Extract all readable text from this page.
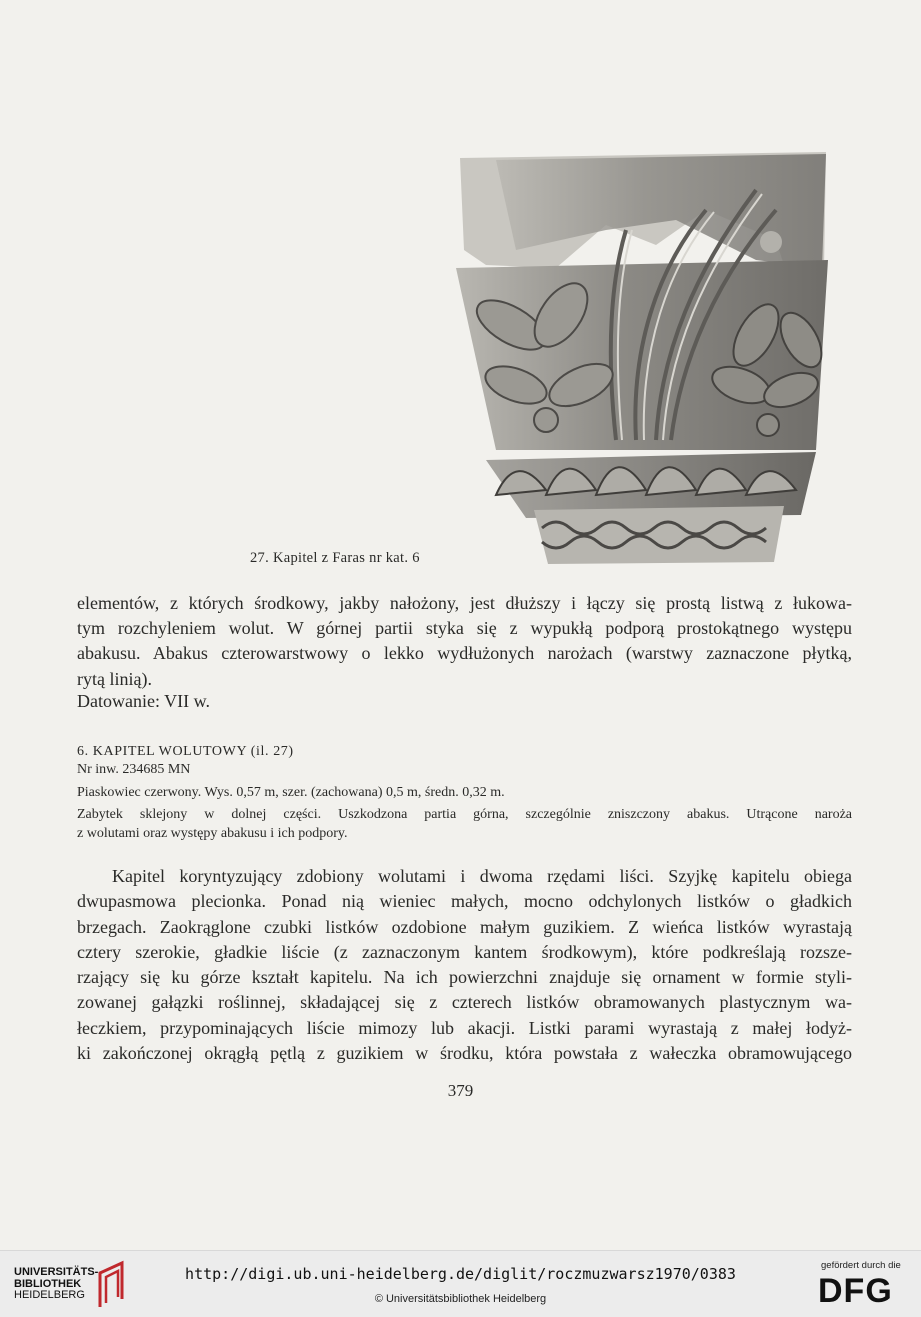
27. Kapitel z Faras nr kat. 6
elementów, z których środkowy, jakby nałożony, jest dłuższy i łączy się prostą listwą z łukowa-
tym rozchyleniem wolut. W górnej partii styka się z wypukłą podporą prostokątnego występu
abakusu. Abakus czterowarstwowy o lekko wydłużonych narożach (warstwy zaznaczone płytką,
rytą linią).
Datowanie: VII w.
6. KAPITEL WOLUTOWY (il. 27)
Nr inw. 234685 MN
Piaskowiec czerwony. Wys. 0,57 m, szer. (zachowana) 0,5 m, średn. 0,32 m.
Zabytek sklejony w dolnej części. Uszkodzona partia górna, szczególnie zniszczony abakus. Utrącone naroża
z wolutami oraz występy abakusu i ich podpory.
Kapitel koryntyzujący zdobiony wolutami i dwoma rzędami liści. Szyjkę kapitelu obiega
dwupasmowa plecionka. Ponad nią wieniec małych, mocno odchylonych listków o gładkich
brzegach. Zaokrąglone czubki listków ozdobione małym guzikiem. Z wieńca listków wyrastają
cztery szerokie, gładkie liście (z zaznaczonym kantem środkowym), które podkreślają rozsze-
rzający się ku górze kształt kapitelu. Na ich powierzchni znajduje się ornament w formie styli-
zowanej gałązki roślinnej, składającej się z czterech listków obramowanych plastycznym wa-
łeczkiem, przypominających liście mimozy lub akacji. Listki parami wyrastają z małej łodyż-
ki zakończonej okrągłą pętlą z guzikiem w środku, która powstała z wałeczka obramowującego
379
UNIVERSITÄTS-
BIBLIOTHEK
HEIDELBERG
http://digi.ub.uni-heidelberg.de/diglit/roczmuzwarsz1970/0383
© Universitätsbibliothek Heidelberg
gefördert durch die
DFG
